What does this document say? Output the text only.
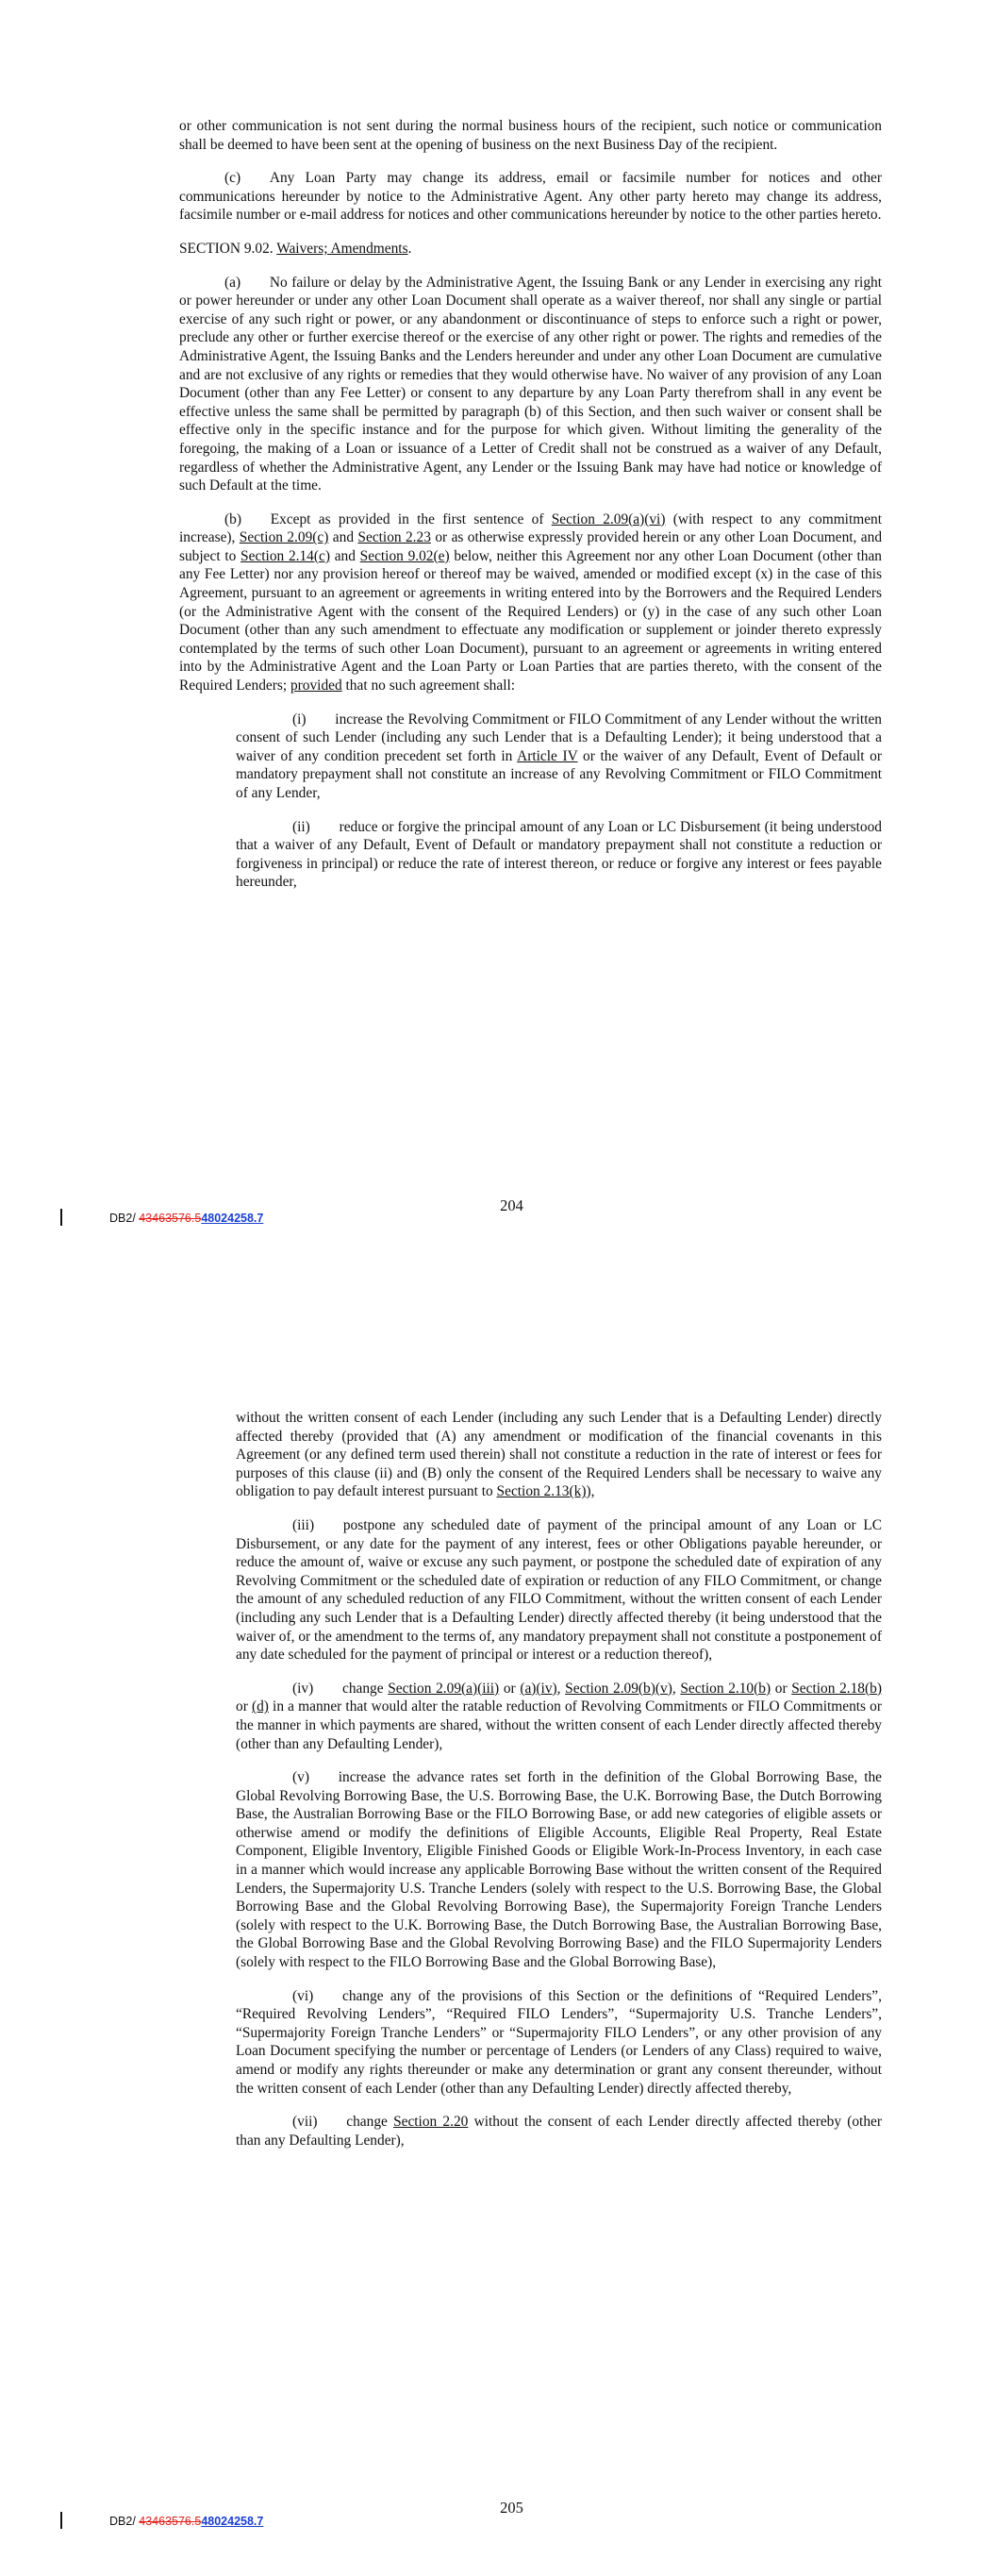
or other communication is not sent during the normal business hours of the recipient, such notice or communication shall be deemed to have been sent at the opening of business on the next Business Day of the recipient.

(c)  Any Loan Party may change its address, email or facsimile number for notices and other communications hereunder by notice to the Administrative Agent. Any other party hereto may change its address, facsimile number or e-mail address for notices and other communications hereunder by notice to the other parties hereto.

SECTION 9.02. Waivers; Amendments.

(a)  No failure or delay by the Administrative Agent, the Issuing Bank or any Lender in exercising any right or power hereunder or under any other Loan Document shall operate as a waiver thereof, nor shall any single or partial exercise of any such right or power, or any abandonment or discontinuance of steps to enforce such a right or power, preclude any other or further exercise thereof or the exercise of any other right or power. The rights and remedies of the Administrative Agent, the Issuing Banks and the Lenders hereunder and under any other Loan Document are cumulative and are not exclusive of any rights or remedies that they would otherwise have. No waiver of any provision of any Loan Document (other than any Fee Letter) or consent to any departure by any Loan Party therefrom shall in any event be effective unless the same shall be permitted by paragraph (b) of this Section, and then such waiver or consent shall be effective only in the specific instance and for the purpose for which given. Without limiting the generality of the foregoing, the making of a Loan or issuance of a Letter of Credit shall not be construed as a waiver of any Default, regardless of whether the Administrative Agent, any Lender or the Issuing Bank may have had notice or knowledge of such Default at the time.

(b)  Except as provided in the first sentence of Section 2.09(a)(vi) (with respect to any commitment increase), Section 2.09(c) and Section 2.23 or as otherwise expressly provided herein or any other Loan Document, and subject to Section 2.14(c) and Section 9.02(e) below, neither this Agreement nor any other Loan Document (other than any Fee Letter) nor any provision hereof or thereof may be waived, amended or modified except (x) in the case of this Agreement, pursuant to an agreement or agreements in writing entered into by the Borrowers and the Required Lenders (or the Administrative Agent with the consent of the Required Lenders) or (y) in the case of any such other Loan Document (other than any such amendment to effectuate any modification or supplement or joinder thereto expressly contemplated by the terms of such other Loan Document), pursuant to an agreement or agreements in writing entered into by the Administrative Agent and the Loan Party or Loan Parties that are parties thereto, with the consent of the Required Lenders; provided that no such agreement shall:

(i)  increase the Revolving Commitment or FILO Commitment of any Lender without the written consent of such Lender (including any such Lender that is a Defaulting Lender); it being understood that a waiver of any condition precedent set forth in Article IV or the waiver of any Default, Event of Default or mandatory prepayment shall not constitute an increase of any Revolving Commitment or FILO Commitment of any Lender,

(ii)  reduce or forgive the principal amount of any Loan or LC Disbursement (it being understood that a waiver of any Default, Event of Default or mandatory prepayment shall not constitute a reduction or forgiveness in principal) or reduce the rate of interest thereon, or reduce or forgive any interest or fees payable hereunder,

204
DB2/ 43463576.548024258.7

without the written consent of each Lender (including any such Lender that is a Defaulting Lender) directly affected thereby (provided that (A) any amendment or modification of the financial covenants in this Agreement (or any defined term used therein) shall not constitute a reduction in the rate of interest or fees for purposes of this clause (ii) and (B) only the consent of the Required Lenders shall be necessary to waive any obligation to pay default interest pursuant to Section 2.13(k)),

(iii)  postpone any scheduled date of payment of the principal amount of any Loan or LC Disbursement, or any date for the payment of any interest, fees or other Obligations payable hereunder, or reduce the amount of, waive or excuse any such payment, or postpone the scheduled date of expiration of any Revolving Commitment or the scheduled date of expiration or reduction of any FILO Commitment, or change the amount of any scheduled reduction of any FILO Commitment, without the written consent of each Lender (including any such Lender that is a Defaulting Lender) directly affected thereby (it being understood that the waiver of, or the amendment to the terms of, any mandatory prepayment shall not constitute a postponement of any date scheduled for the payment of principal or interest or a reduction thereof),

(iv)  change Section 2.09(a)(iii) or (a)(iv), Section 2.09(b)(v), Section 2.10(b) or Section 2.18(b) or (d) in a manner that would alter the ratable reduction of Revolving Commitments or FILO Commitments or the manner in which payments are shared, without the written consent of each Lender directly affected thereby (other than any Defaulting Lender),

(v)  increase the advance rates set forth in the definition of the Global Borrowing Base, the Global Revolving Borrowing Base, the U.S. Borrowing Base, the U.K. Borrowing Base, the Dutch Borrowing Base, the Australian Borrowing Base or the FILO Borrowing Base, or add new categories of eligible assets or otherwise amend or modify the definitions of Eligible Accounts, Eligible Real Property, Real Estate Component, Eligible Inventory, Eligible Finished Goods or Eligible Work-In-Process Inventory, in each case in a manner which would increase any applicable Borrowing Base without the written consent of the Required Lenders, the Supermajority U.S. Tranche Lenders (solely with respect to the U.S. Borrowing Base, the Global Borrowing Base and the Global Revolving Borrowing Base), the Supermajority Foreign Tranche Lenders (solely with respect to the U.K. Borrowing Base, the Dutch Borrowing Base, the Australian Borrowing Base, the Global Borrowing Base and the Global Revolving Borrowing Base) and the FILO Supermajority Lenders (solely with respect to the FILO Borrowing Base and the Global Borrowing Base),

(vi)  change any of the provisions of this Section or the definitions of “Required Lenders”, “Required Revolving Lenders”, “Required FILO Lenders”, “Supermajority U.S. Tranche Lenders”, “Supermajority Foreign Tranche Lenders” or “Supermajority FILO Lenders”, or any other provision of any Loan Document specifying the number or percentage of Lenders (or Lenders of any Class) required to waive, amend or modify any rights thereunder or make any determination or grant any consent thereunder, without the written consent of each Lender (other than any Defaulting Lender) directly affected thereby,

(vii)  change Section 2.20 without the consent of each Lender directly affected thereby (other than any Defaulting Lender),

205
DB2/ 43463576.548024258.7
